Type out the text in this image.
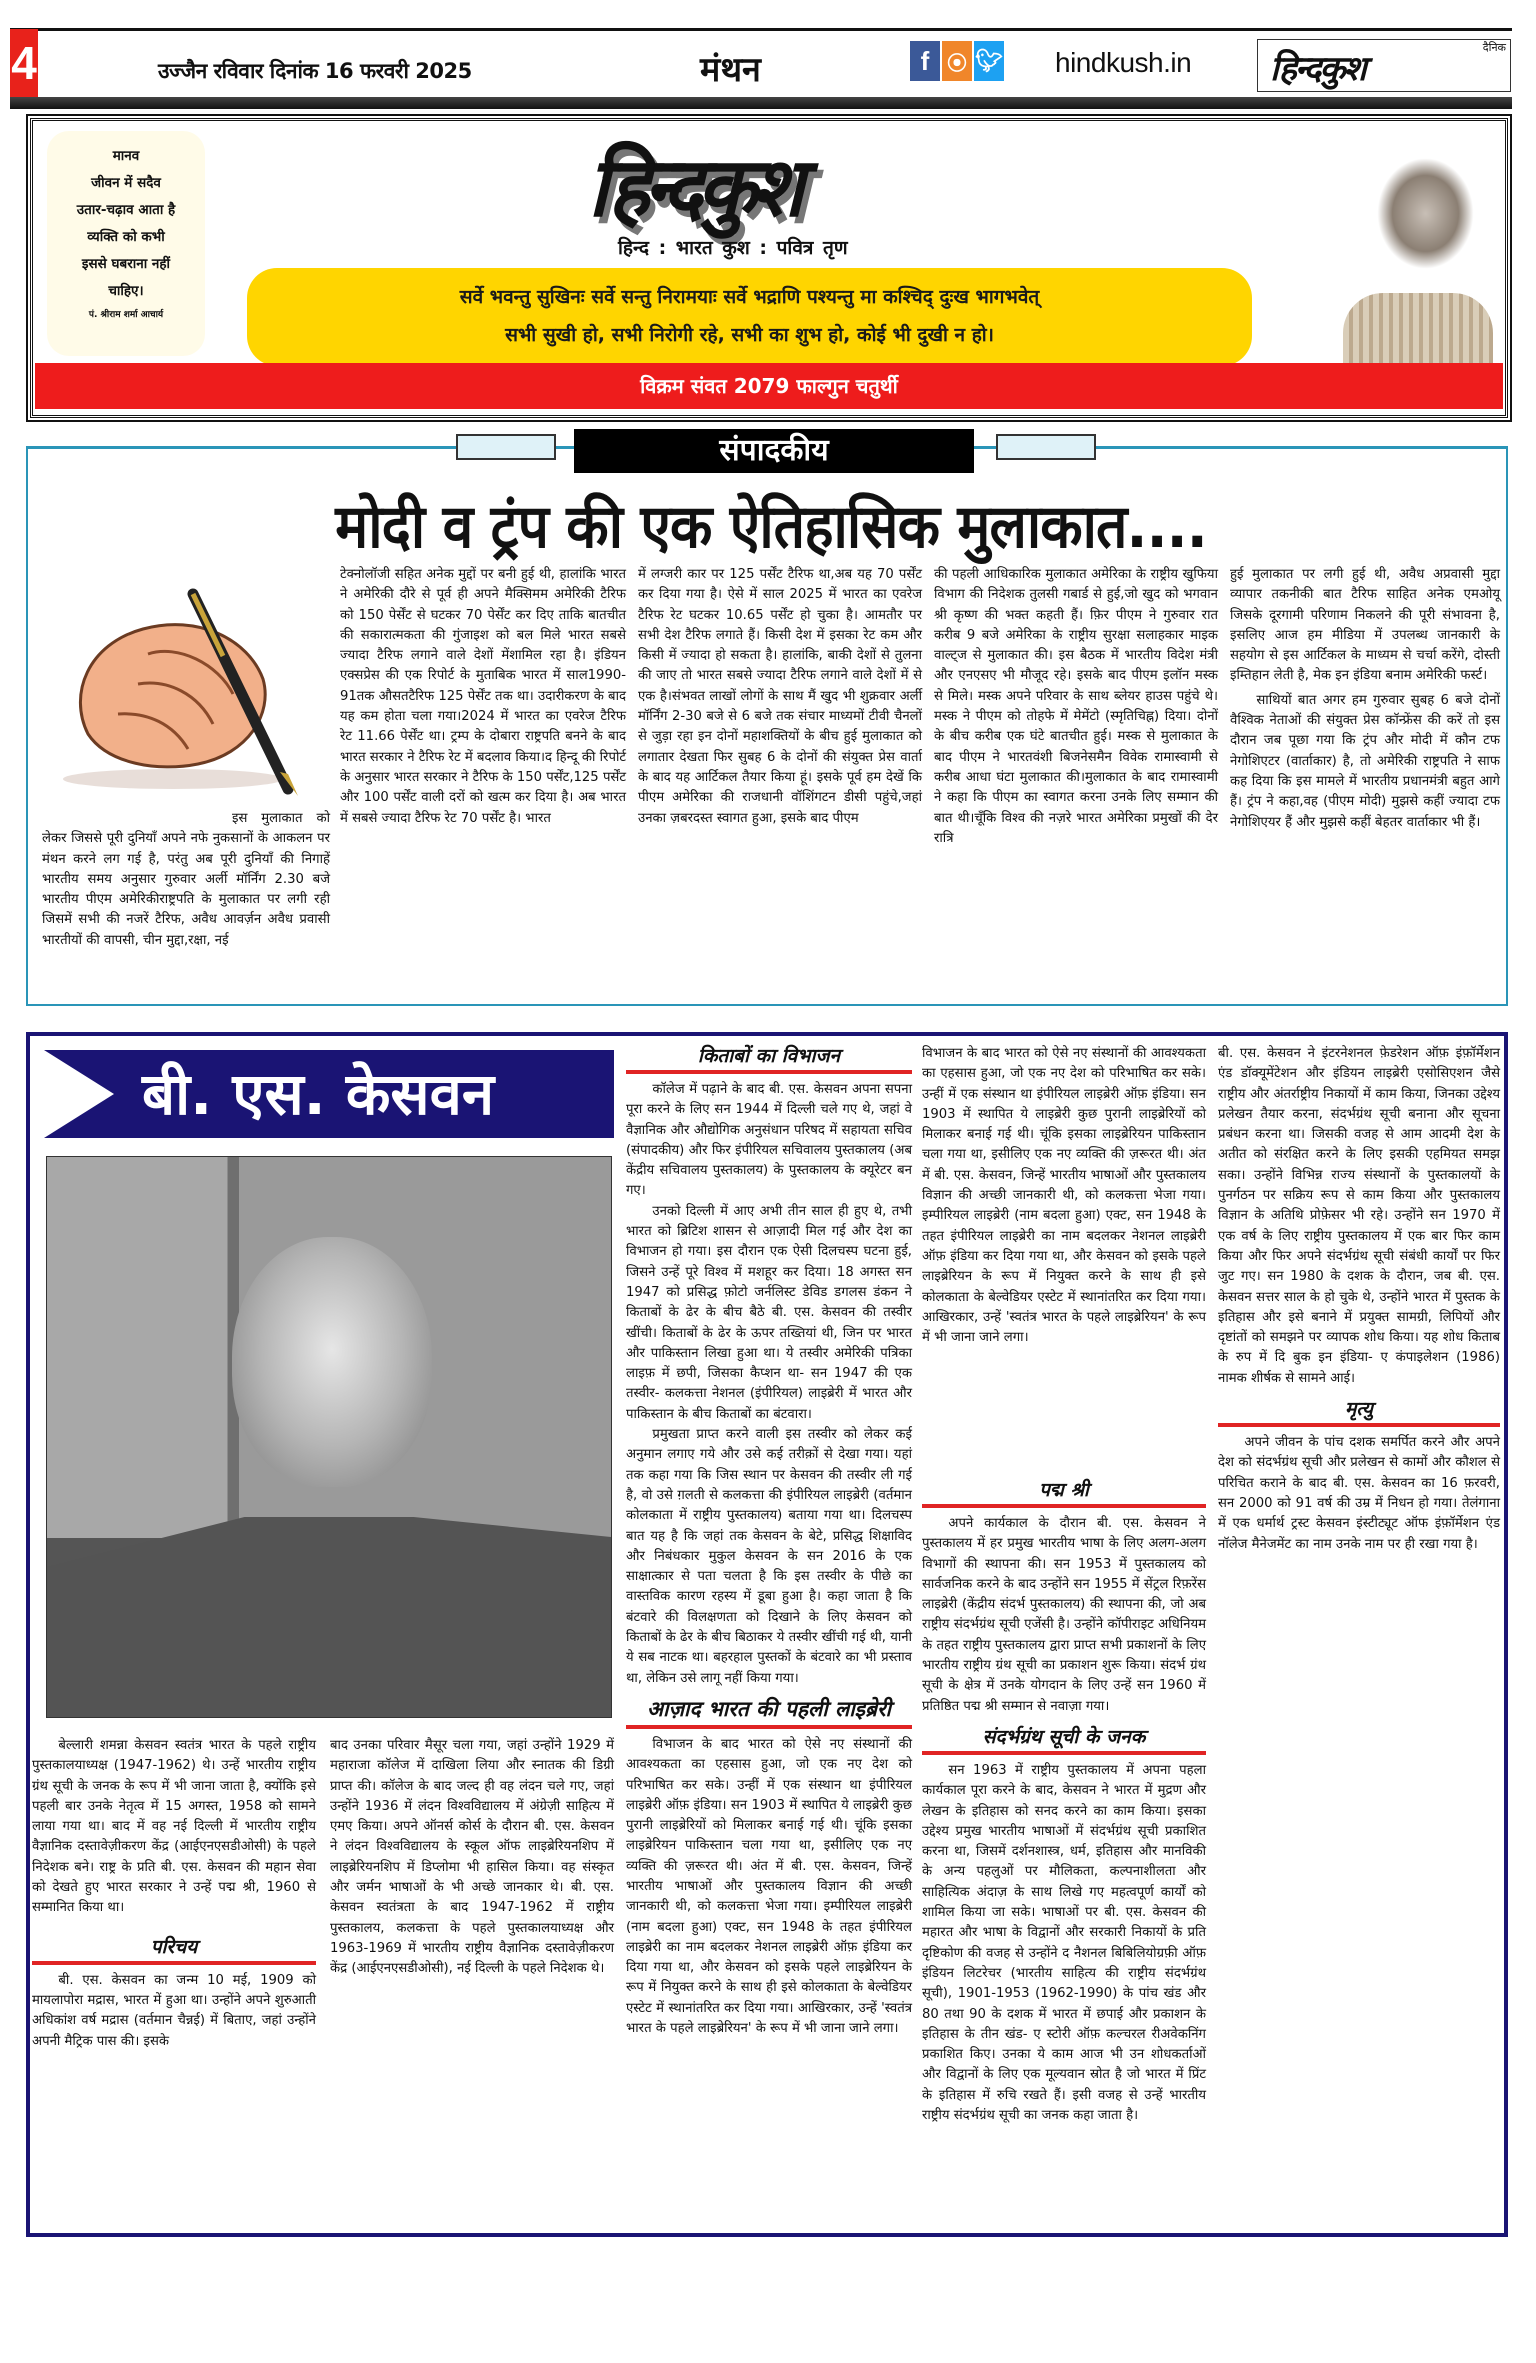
4	उज्जैन रविवार दिनांक 16 फरवरी 2025	मंथन	f ⦿ 🐦︎ hindkush.in	दैनिक
हिन्दकुश

मानव

जीवन में सदैव

उतार-चढ़ाव आता है

व्यक्ति को कभी

इससे घबराना नहीं

चाहिए।

पं. श्रीराम शर्मा आचार्य

हिन्दकुश
हिन्द : भारत कुश : पवित्र तृण
सर्वे भवन्तु सुखिनः सर्वे सन्तु निरामयाः सर्वे भद्राणि पश्यन्तु मा कश्चिद् दुःख भागभवेत्
सभी सुखी हो, सभी निरोगी रहे, सभी का शुभ हो, कोई भी दुखी न हो।
विक्रम संवत 2079 फाल्गुन चतुर्थी
संपादकीय
मोदी व ट्रंप की एक ऐतिहासिक मुलाकात....

इस मुलाकात को लेकर जिससे पूरी दुनियाँ अपने नफे नुकसानों के आकलन पर मंथन करने लग गई है, परंतु अब पूरी दुनियाँ की निगाहें भारतीय समय अनुसार गुरुवार अर्ली मॉर्निंग 2.30 बजे भारतीय पीएम अमेरिकीराष्ट्रपति के मुलाकात पर लगी रही जिसमें सभी की नजरें टैरिफ, अवैध आवर्ज़न अवैध प्रवासी भारतीयों की वापसी, चीन मुद्दा,रक्षा, नई

टेक्नोलॉजी सहित अनेक मुद्दों पर बनी हुई थी, हालांकि भारत ने अमेरिकी दौरे से पूर्व ही अपने मैक्सिमम अमेरिकी टैरिफ को 150 पेर्सेंट से घटकर 70 पेर्सेंट कर दिए ताकि बातचीत की सकारात्मकता की गुंजाइश को बल मिले भारत सबसे ज्यादा टैरिफ लगाने वाले देशों मेंशामिल रहा है। इंडियन एक्सप्रेस की एक रिपोर्ट के मुताबिक भारत में साल1990-91तक औसतटैरिफ 125 पेर्सेंट तक था। उदारीकरण के बाद यह कम होता चला गया।2024 में भारत का एवरेज टैरिफ रेट 11.66 पेर्सेंट था। ट्रम्प के दोबारा राष्ट्रपति बनने के बाद भारत सरकार ने टैरिफ रेट में बदलाव किया।द हिन्दू की रिपोर्ट के अनुसार भारत सरकार ने टैरिफ के 150 पर्सेंट,125 पर्सेंट और 100 पर्सेंट वाली दरों को खत्म कर दिया है। अब भारत में सबसे ज्यादा टैरिफ रेट 70 पर्सेंट है। भारत

में लग्जरी कार पर 125 पर्सेंट टैरिफ था,अब यह 70 पर्सेंट कर दिया गया है। ऐसे में साल 2025 में भारत का एवरेज टैरिफ रेट घटकर 10.65 पर्सेंट हो चुका है। आमतौर पर सभी देश टैरिफ लगाते हैं। किसी देश में इसका रेट कम और किसी में ज्यादा हो सकता है। हालांकि, बाकी देशों से तुलना की जाए तो भारत सबसे ज्यादा टैरिफ लगाने वाले देशों में से एक है।संभवत लाखों लोगों के साथ मैं खुद भी शुक्रवार अर्ली मॉर्निंग 2-30 बजे से 6 बजे तक संचार माध्यमों टीवी चैनलों से जुड़ा रहा इन दोनों महाशक्तियों के बीच हुई मुलाकात को लगातार देखता फिर सुबह 6 के दोनों की संयुक्त प्रेस वार्ता के बाद यह आर्टिकल तैयार किया हूं। इसके पूर्व हम देखें कि पीएम अमेरिका की राजधानी वॉशिंगटन डीसी पहुंचे,जहां उनका ज़बरदस्त स्वागत हुआ, इसके बाद पीएम

की पहली आधिकारिक मुलाकात अमेरिका के राष्ट्रीय खुफिया विभाग की निदेशक तुलसी गबार्ड से हुई,जो खुद को भगवान श्री कृष्ण की भक्त कहती हैं। फ़िर पीएम ने गुरुवार रात करीब 9 बजे अमेरिका के राष्ट्रीय सुरक्षा सलाहकार माइक वाल्ट्ज से मुलाकात की। इस बैठक में भारतीय विदेश मंत्री और एनएसए भी मौजूद रहे। इसके बाद पीएम इलॉन मस्क से मिले। मस्क अपने परिवार के साथ ब्लेयर हाउस पहुंचे थे। मस्क ने पीएम को तोहफे में मेमेंटो (स्मृतिचिह्न) दिया। दोनों के बीच करीब एक घंटे बातचीत हुई। मस्क से मुलाकात के बाद पीएम ने भारतवंशी बिजनेसमैन विवेक रामास्वामी से करीब आधा घंटा मुलाकात की।मुलाकात के बाद रामास्वामी ने कहा कि पीएम का स्वागत करना उनके लिए सम्मान की बात थी।चूँकि विश्व की नज़रे भारत अमेरिका प्रमुखों की देर रात्रि

हुई मुलाकात पर लगी हुई थी, अवैध अप्रवासी मुद्दा व्यापार तकनीकी बात टैरिफ साहित अनेक एमओयू जिसके दूरगामी परिणाम निकलने की पूरी संभावना है, इसलिए आज हम मीडिया में उपलब्ध जानकारी के सहयोग से इस आर्टिकल के माध्यम से चर्चा करेंगे, दोस्ती इम्तिहान लेती है, मेक इन इंडिया बनाम अमेरिकी फर्स्ट।

साथियों बात अगर हम गुरुवार सुबह 6 बजे दोनों वैश्विक नेताओं की संयुक्त प्रेस कॉन्फ्रेंस की करें तो इस दौरान जब पूछा गया कि ट्रंप और मोदी में कौन टफ नेगोशिएटर (वार्ताकार) है, तो अमेरिकी राष्ट्रपति ने साफ कह दिया कि इस मामले में भारतीय प्रधानमंत्री बहुत आगे हैं। ट्रंप ने कहा,वह (पीएम मोदी) मुझसे कहीं ज्यादा टफ नेगोशिएयर हैं और मुझसे कहीं बेहतर वार्ताकार भी हैं।

बी. एस. केसवन

बेल्लारी शमन्ना केसवन स्वतंत्र भारत के पहले राष्ट्रीय पुस्तकालयाध्यक्ष (1947-1962) थे। उन्हें भारतीय राष्ट्रीय ग्रंथ सूची के जनक के रूप में भी जाना जाता है, क्योंकि इसे पहली बार उनके नेतृत्व में 15 अगस्त, 1958 को सामने लाया गया था। बाद में वह नई दिल्ली में भारतीय राष्ट्रीय वैज्ञानिक दस्तावेज़ीकरण केंद्र (आईएनएसडीओसी) के पहले निदेशक बने। राष्ट्र के प्रति बी. एस. केसवन की महान सेवा को देखते हुए भारत सरकार ने उन्हें पद्म श्री, 1960 से सम्मानित किया था।

परिचय

बी. एस. केसवन का जन्म 10 मई, 1909 को मायलापोरा मद्रास, भारत में हुआ था। उन्होंने अपने शुरुआती अधिकांश वर्ष मद्रास (वर्तमान चैन्नई) में बिताए, जहां उन्होंने अपनी मैट्रिक पास की। इसके

बाद उनका परिवार मैसूर चला गया, जहां उन्होंने 1929 में महाराजा कॉलेज में दाखिला लिया और स्नातक की डिग्री प्राप्त की। कॉलेज के बाद जल्द ही वह लंदन चले गए, जहां उन्होंने 1936 में लंदन विश्वविद्यालय में अंग्रेज़ी साहित्य में एमए किया। अपने ऑनर्स कोर्स के दौरान बी. एस. केसवन ने लंदन विश्वविद्यालय के स्कूल ऑफ लाइब्रेरियनशिप में लाइब्रेरियनशिप में डिप्लोमा भी हासिल किया। वह संस्कृत और जर्मन भाषाओं के भी अच्छे जानकार थे। बी. एस. केसवन स्वतंत्रता के बाद 1947-1962 में राष्ट्रीय पुस्तकालय, कलकत्ता के पहले पुस्तकालयाध्यक्ष और 1963-1969 में भारतीय राष्ट्रीय वैज्ञानिक दस्तावेज़ीकरण केंद्र (आईएनएसडीओसी), नई दिल्ली के पहले निदेशक थे।

किताबों का विभाजन

कॉलेज में पढ़ाने के बाद बी. एस. केसवन अपना सपना पूरा करने के लिए सन 1944 में दिल्ली चले गए थे, जहां वे वैज्ञानिक और औद्योगिक अनुसंधान परिषद में सहायता सचिव (संपादकीय) और फिर इंपीरियल सचिवालय पुस्तकालय (अब केंद्रीय सचिवालय पुस्तकालय) के पुस्तकालय के क्यूरेटर बन गए।

उनको दिल्ली में आए अभी तीन साल ही हुए थे, तभी भारत को ब्रिटिश शासन से आज़ादी मिल गई और देश का विभाजन हो गया। इस दौरान एक ऐसी दिलचस्प घटना हुई, जिसने उन्हें पूरे विश्व में मशहूर कर दिया। 18 अगस्त सन 1947 को प्रसिद्ध फ़ोटो जर्नलिस्ट डेविड डगलस डंकन ने किताबों के ढेर के बीच बैठे बी. एस. केसवन की तस्वीर खींची। किताबों के ढेर के ऊपर तख्तियां थी, जिन पर भारत और पाकिस्तान लिखा हुआ था। ये तस्वीर अमेरिकी पत्रिका लाइफ़ में छपी, जिसका कैप्शन था- सन 1947 की एक तस्वीर- कलकत्ता नेशनल (इंपीरियल) लाइब्रेरी में भारत और पाकिस्तान के बीच किताबों का बंटवारा।

प्रमुखता प्राप्त करने वाली इस तस्वीर को लेकर कई अनुमान लगाए गये और उसे कई तरीक़ों से देखा गया। यहां तक कहा गया कि जिस स्थान पर केसवन की तस्वीर ली गई है, वो उसे ग़लती से कलकत्ता की इंपीरियल लाइब्रेरी (वर्तमान कोलकाता में राष्ट्रीय पुस्तकालय) बताया गया था। दिलचस्प बात यह है कि जहां तक केसवन के बेटे, प्रसिद्ध शिक्षाविद और निबंधकार मुकुल केसवन के सन 2016 के एक साक्षात्कार से पता चलता है कि इस तस्वीर के पीछे का वास्तविक कारण रहस्य में डूबा हुआ है। कहा जाता है कि बंटवारे की विलक्षणता को दिखाने के लिए केसवन को किताबों के ढेर के बीच बिठाकर ये तस्वीर खींची गई थी, यानी ये सब नाटक था। बहरहाल पुस्तकों के बंटवारे का भी प्रस्ताव था, लेकिन उसे लागू नहीं किया गया।

आज़ाद भारत की पहली लाइब्रेरी

विभाजन के बाद भारत को ऐसे नए संस्थानों की आवश्यकता का एहसास हुआ, जो एक नए देश को परिभाषित कर सके। उन्हीं में एक संस्थान था इंपीरियल लाइब्रेरी ऑफ़ इंडिया। सन 1903 में स्थापित ये लाइब्रेरी कुछ पुरानी लाइब्रेरियों को मिलाकर बनाई गई थी। चूंकि इसका लाइब्रेरियन पाकिस्तान चला गया था, इसीलिए एक नए व्यक्ति की ज़रूरत थी। अंत में बी. एस. केसवन, जिन्हें भारतीय भाषाओं और पुस्तकालय विज्ञान की अच्छी जानकारी थी, को कलकत्ता भेजा गया। इम्पीरियल लाइब्रेरी (नाम बदला हुआ) एक्ट, सन 1948 के तहत इंपीरियल लाइब्रेरी का नाम बदलकर नेशनल लाइब्रेरी ऑफ़ इंडिया कर दिया गया था, और केसवन को इसके पहले लाइब्रेरियन के रूप में नियुक्त करने के साथ ही इसे कोलकाता के बेल्वेडियर एस्टेट में स्थानांतरित कर दिया गया। आखिरकार, उन्हें 'स्वतंत्र भारत के पहले लाइब्रेरियन' के रूप में भी जाना जाने लगा।

विभाजन के बाद भारत को ऐसे नए संस्थानों की आवश्यकता का एहसास हुआ, जो एक नए देश को परिभाषित कर सके। उन्हीं में एक संस्थान था इंपीरियल लाइब्रेरी ऑफ़ इंडिया। सन 1903 में स्थापित ये लाइब्रेरी कुछ पुरानी लाइब्रेरियों को मिलाकर बनाई गई थी। चूंकि इसका लाइब्रेरियन पाकिस्तान चला गया था, इसीलिए एक नए व्यक्ति की ज़रूरत थी। अंत में बी. एस. केसवन, जिन्हें भारतीय भाषाओं और पुस्तकालय विज्ञान की अच्छी जानकारी थी, को कलकत्ता भेजा गया। इम्पीरियल लाइब्रेरी (नाम बदला हुआ) एक्ट, सन 1948 के तहत इंपीरियल लाइब्रेरी का नाम बदलकर नेशनल लाइब्रेरी ऑफ़ इंडिया कर दिया गया था, और केसवन को इसके पहले लाइब्रेरियन के रूप में नियुक्त करने के साथ ही इसे कोलकाता के बेल्वेडियर एस्टेट में स्थानांतरित कर दिया गया। आखिरकार, उन्हें 'स्वतंत्र भारत के पहले लाइब्रेरियन' के रूप में भी जाना जाने लगा।

पद्म श्री

अपने कार्यकाल के दौरान बी. एस. केसवन ने पुस्तकालय में हर प्रमुख भारतीय भाषा के लिए अलग-अलग विभागों की स्थापना की। सन 1953 में पुस्तकालय को सार्वजनिक करने के बाद उन्होंने सन 1955 में सेंट्रल रिफ़रेंस लाइब्रेरी (केंद्रीय संदर्भ पुस्तकालय) की स्थापना की, जो अब राष्ट्रीय संदर्भग्रंथ सूची एजेंसी है। उन्होंने कॉपीराइट अधिनियम के तहत राष्ट्रीय पुस्तकालय द्वारा प्राप्त सभी प्रकाशनों के लिए भारतीय राष्ट्रीय ग्रंथ सूची का प्रकाशन शुरू किया। संदर्भ ग्रंथ सूची के क्षेत्र में उनके योगदान के लिए उन्हें सन 1960 में प्रतिष्ठित पद्म श्री सम्मान से नवाज़ा गया।

संदर्भग्रंथ सूची के जनक

सन 1963 में राष्ट्रीय पुस्तकालय में अपना पहला कार्यकाल पूरा करने के बाद, केसवन ने भारत में मुद्रण और लेखन के इतिहास को सनद करने का काम किया। इसका उद्देश्य प्रमुख भारतीय भाषाओं में संदर्भग्रंथ सूची प्रकाशित करना था, जिसमें दर्शनशास्त्र, धर्म, इतिहास और मानविकी के अन्य पहलुओं पर मौलिकता, कल्पनाशीलता और साहित्यिक अंदाज़ के साथ लिखे गए महत्वपूर्ण कार्यों को शामिल किया जा सके। भाषाओं पर बी. एस. केसवन की महारत और भाषा के विद्वानों और सरकारी निकायों के प्रति दृष्टिकोण की वजह से उन्होंने द नैशनल बिबिलियोग्रफ़ी ऑफ़ इंडियन लिटरेचर (भारतीय साहित्य की राष्ट्रीय संदर्भग्रंथ सूची), 1901-1953 (1962-1990) के पांच खंड और 80 तथा 90 के दशक में भारत में छपाई और प्रकाशन के इतिहास के तीन खंड- ए स्टोरी ऑफ़ कल्चरल रीअवेकनिंग प्रकाशित किए। उनका ये काम आज भी उन शोधकर्ताओं और विद्वानों के लिए एक मूल्यवान स्रोत है जो भारत में प्रिंट के इतिहास में रुचि रखते हैं। इसी वजह से उन्हें भारतीय राष्ट्रीय संदर्भग्रंथ सूची का जनक कहा जाता है।

बी. एस. केसवन ने इंटरनेशनल फ़ेडरेशन ऑफ़ इंफ़ॉर्मेशन एंड डॉक्यूमेंटेशन और इंडियन लाइब्रेरी एसोसिएशन जैसे राष्ट्रीय और अंतर्राष्ट्रीय निकायों में काम किया, जिनका उद्देश्य प्रलेखन तैयार करना, संदर्भग्रंथ सूची बनाना और सूचना प्रबंधन करना था। जिसकी वजह से आम आदमी देश के अतीत को संरक्षित करने के लिए इसकी एहमियत समझ सका। उन्होंने विभिन्न राज्य संस्थानों के पुस्तकालयों के पुनर्गठन पर सक्रिय रूप से काम किया और पुस्तकालय विज्ञान के अतिथि प्रोफ़ेसर भी रहे। उन्होंने सन 1970 में एक वर्ष के लिए राष्ट्रीय पुस्तकालय में एक बार फिर काम किया और फिर अपने संदर्भग्रंथ सूची संबंधी कार्यों पर फिर जुट गए। सन 1980 के दशक के दौरान, जब बी. एस. केसवन सत्तर साल के हो चुके थे, उन्होंने भारत में पुस्तक के इतिहास और इसे बनाने में प्रयुक्त सामग्री, लिपियों और दृष्टांतों को समझने पर व्यापक शोध किया। यह शोध किताब के रुप में दि बुक इन इंडिया- ए कंपाइलेशन (1986) नामक शीर्षक से सामने आई।

मृत्यु

अपने जीवन के पांच दशक समर्पित करने और अपने देश को संदर्भग्रंथ सूची और प्रलेखन से कामों और कौशल से परिचित कराने के बाद बी. एस. केसवन का 16 फ़रवरी, सन 2000 को 91 वर्ष की उम्र में निधन हो गया। तेलंगाना में एक धर्मार्थ ट्रस्ट केसवन इंस्टीट्यूट ऑफ इंफ़ॉर्मेशन एंड नॉलेज मैनेजमेंट का नाम उनके नाम पर ही रखा गया है।
